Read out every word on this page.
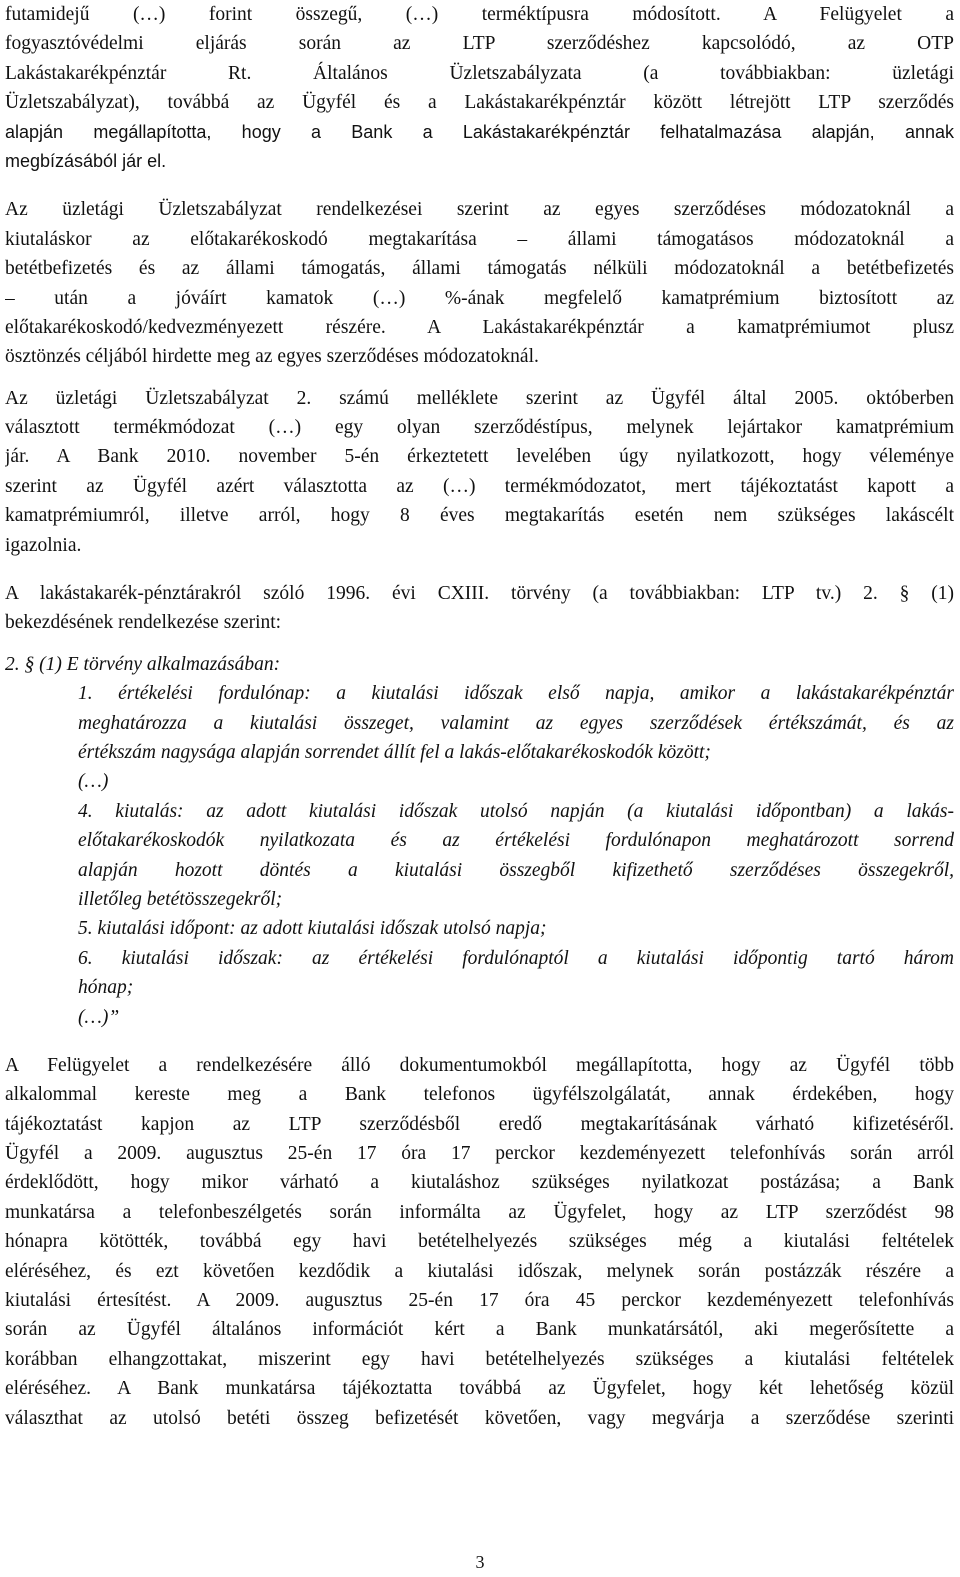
futamidejű (…) forint összegű, (…) terméktípusra módosított. A Felügyelet a
fogyasztóvédelmi eljárás során az LTP szerződéshez kapcsolódó, az OTP
Lakástakarékpénztár Rt. Általános Üzletszabályzata (a továbbiakban: üzletági
Üzletszabályzat), továbbá az Ügyfél és a Lakástakarékpénztár között létrejött LTP szerződés
alapján megállapította, hogy a Bank a Lakástakarékpénztár felhatalmazása alapján, annak
megbízásából jár el.
Az üzletági Üzletszabályzat rendelkezései szerint az egyes szerződéses módozatoknál a
kiutaláskor az előtakarékoskodó megtakarítása – állami támogatásos módozatoknál a
betétbefizetés és az állami támogatás, állami támogatás nélküli módozatoknál a betétbefizetés
– után a jóváírt kamatok (…) %-ának megfelelő kamatprémium biztosított az
előtakarékoskodó/kedvezményezett részére. A Lakástakarékpénztár a kamatprémiumot plusz
ösztönzés céljából hirdette meg az egyes szerződéses módozatoknál.
Az üzletági Üzletszabályzat 2. számú melléklete szerint az Ügyfél által 2005. októberben
választott termékmódozat (…) egy olyan szerződéstípus, melynek lejártakor kamatprémium
jár. A Bank 2010. november 5-én érkeztetett levelében úgy nyilatkozott, hogy véleménye
szerint az Ügyfél azért választotta az (…) termékmódozatot, mert tájékoztatást kapott a
kamatprémiumról, illetve arról, hogy 8 éves megtakarítás esetén nem szükséges lakáscélt
igazolnia.
A lakástakarék-pénztárakról szóló 1996. évi CXIII. törvény (a továbbiakban: LTP tv.) 2. § (1)
bekezdésének rendelkezése szerint:
2. § (1) E törvény alkalmazásában:
1. értékelési fordulónap: a kiutalási időszak első napja, amikor a lakástakarékpénztár
meghatározza a kiutalási összeget, valamint az egyes szerződések értékszámát, és az
értékszám nagysága alapján sorrendet állít fel a lakás-előtakarékoskodók között;
(…)
4. kiutalás: az adott kiutalási időszak utolsó napján (a kiutalási időpontban) a lakás-
előtakarékoskodók nyilatkozata és az értékelési fordulónapon meghatározott sorrend
alapján hozott döntés a kiutalási összegből kifizethető szerződéses összegekről,
illetőleg betétösszegekről;
5. kiutalási időpont: az adott kiutalási időszak utolsó napja;
6. kiutalási időszak: az értékelési fordulónaptól a kiutalási időpontig tartó három
hónap;
(…)”
A Felügyelet a rendelkezésére álló dokumentumokból megállapította, hogy az Ügyfél több
alkalommal kereste meg a Bank telefonos ügyfélszolgálatát, annak érdekében, hogy
tájékoztatást kapjon az LTP szerződésből eredő megtakarításának várható kifizetéséről.
Ügyfél a 2009. augusztus 25-én 17 óra 17 perckor kezdeményezett telefonhívás során arról
érdeklődött, hogy mikor várható a kiutaláshoz szükséges nyilatkozat postázása; a Bank
munkatársa a telefonbeszélgetés során informálta az Ügyfelet, hogy az LTP szerződést 98
hónapra kötötték, továbbá egy havi betételhelyezés szükséges még a kiutalási feltételek
eléréséhez, és ezt követően kezdődik a kiutalási időszak, melynek során postázzák részére a
kiutalási értesítést. A 2009. augusztus 25-én 17 óra 45 perckor kezdeményezett telefonhívás
során az Ügyfél általános információt kért a Bank munkatársától, aki megerősítette a
korábban elhangzottakat, miszerint egy havi betételhelyezés szükséges a kiutalási feltételek
eléréséhez. A Bank munkatársa tájékoztatta továbbá az Ügyfelet, hogy két lehetőség közül
választhat az utolsó betéti összeg befizetését követően, vagy megvárja a szerződése szerinti
3
